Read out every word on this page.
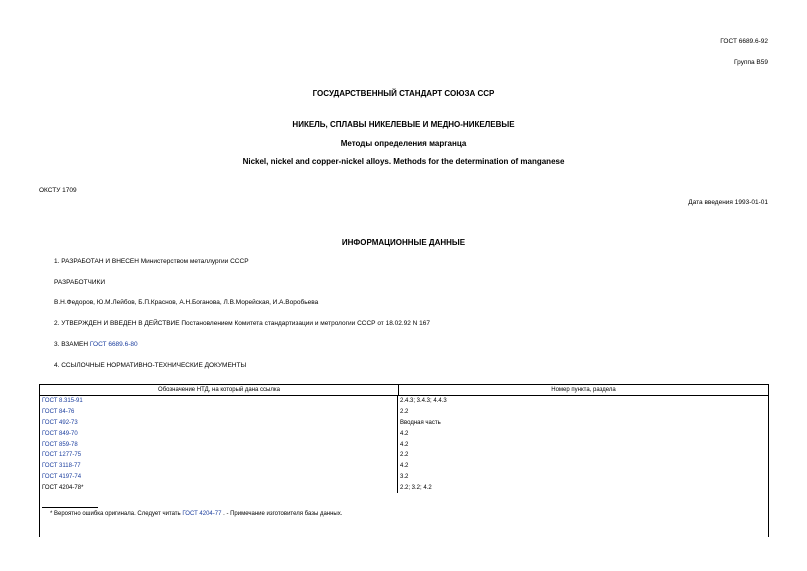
ГОСТ 6689.6-92
Группа В59
ГОСУДАРСТВЕННЫЙ СТАНДАРТ СОЮЗА ССР
НИКЕЛЬ, СПЛАВЫ НИКЕЛЕВЫЕ И МЕДНО-НИКЕЛЕВЫЕ
Методы определения марганца
Nickel, nickel and copper-nickel alloys. Methods for the determination of manganese
ОКСТУ 1709
Дата введения 1993-01-01
ИНФОРМАЦИОННЫЕ ДАННЫЕ
1. РАЗРАБОТАН И ВНЕСЕН Министерством металлургии СССР
РАЗРАБОТЧИКИ
В.Н.Федоров, Ю.М.Лейбов, Б.П.Краснов, А.Н.Боганова, Л.В.Морейская, И.А.Воробьева
2. УТВЕРЖДЕН И ВВЕДЕН В ДЕЙСТВИЕ Постановлением Комитета стандартизации и метрологии СССР от 18.02.92 N 167
3. ВЗАМЕН ГОСТ 6689.6-80
4. ССЫЛОЧНЫЕ НОРМАТИВНО-ТЕХНИЧЕСКИЕ ДОКУМЕНТЫ
Обозначение НТД, на который дана ссылка	Номер пункта, раздела
ГОСТ 8.315-91	2.4.3; 3.4.3; 4.4.3
ГОСТ 84-76	2.2
ГОСТ 492-73	Вводная часть
ГОСТ 849-70	4.2
ГОСТ 859-78	4.2
ГОСТ 1277-75	2.2
ГОСТ 3118-77	4.2
ГОСТ 4197-74	3.2
ГОСТ 4204-78*	2.2; 3.2; 4.2
* Вероятно ошибка оригинала. Следует читать ГОСТ 4204-77 . - Примечание изготовителя базы данных.
